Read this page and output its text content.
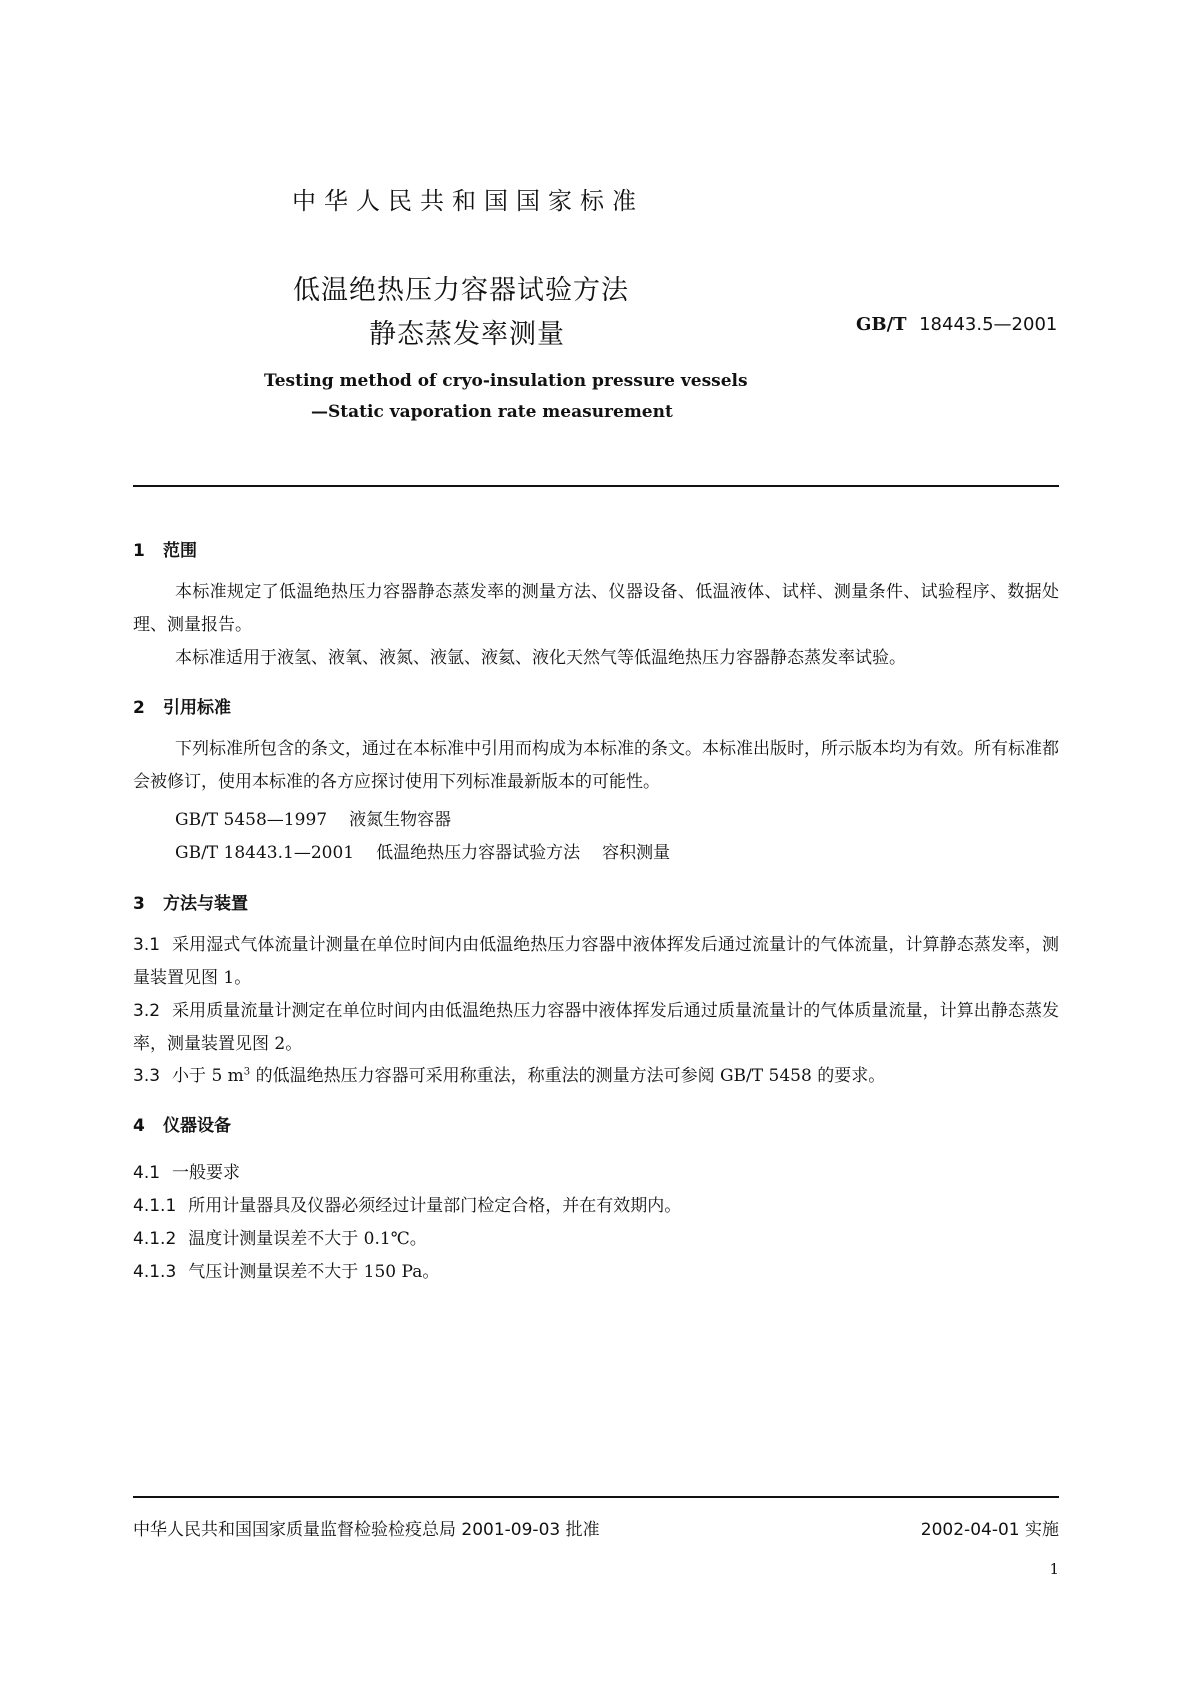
中华人民共和国国家标准
低温绝热压力容器试验方法
静态蒸发率测量	GB/T 18443.5—2001
Testing method of cryo-insulation pressure vessels
—Static vaporation rate measurement
1 范围
本标准规定了低温绝热压力容器静态蒸发率的测量方法、仪器设备、低温液体、试样、测量条件、试验程序、数据处理、测量报告。
本标准适用于液氢、液氧、液氮、液氩、液氦、液化天然气等低温绝热压力容器静态蒸发率试验。
2 引用标准
下列标准所包含的条文，通过在本标准中引用而构成为本标准的条文。本标准出版时，所示版本均为有效。所有标准都会被修订，使用本标准的各方应探讨使用下列标准最新版本的可能性。
GB/T 5458—1997 液氮生物容器
GB/T 18443.1—2001 低温绝热压力容器试验方法 容积测量
3 方法与装置
3.1 采用湿式气体流量计测量在单位时间内由低温绝热压力容器中液体挥发后通过流量计的气体流量，计算静态蒸发率，测量装置见图 1。
3.2 采用质量流量计测定在单位时间内由低温绝热压力容器中液体挥发后通过质量流量计的气体质量流量，计算出静态蒸发率，测量装置见图 2。
3.3 小于 5 $m^3$ 的低温绝热压力容器可采用称重法，称重法的测量方法可参阅 GB/T 5458 的要求。
4 仪器设备
4.1 一般要求
4.1.1 所用计量器具及仪器必须经过计量部门检定合格，并在有效期内。
4.1.2 温度计测量误差不大于 0.1℃。
4.1.3 气压计测量误差不大于 150 Pa。
中华人民共和国国家质量监督检验检疫总局 2001-09-03 批准	2002-04-01 实施
1
